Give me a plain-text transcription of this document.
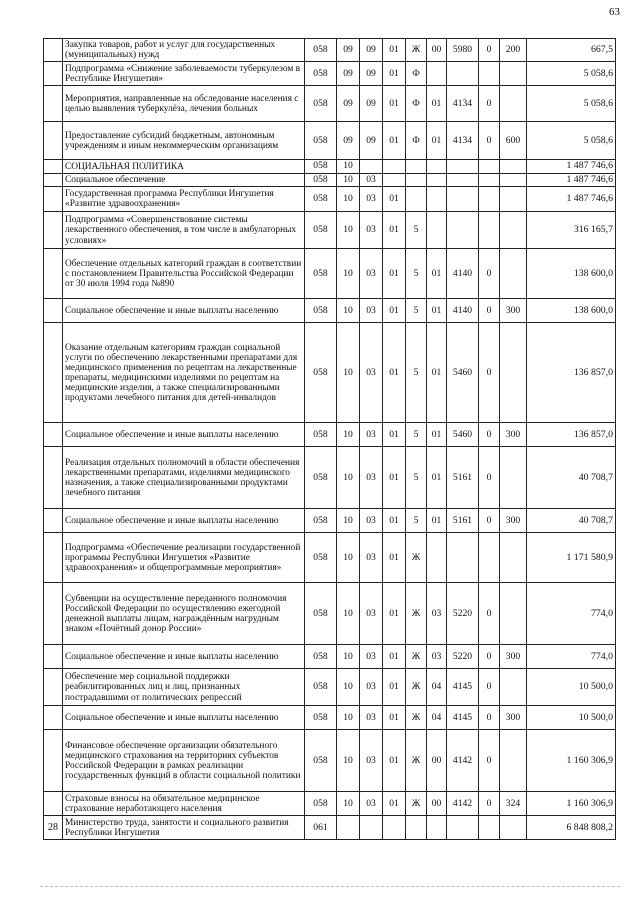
63
	Закупка товаров, работ и услуг для государственных (муниципальных) нужд	058	09	09	01	Ж	00	5980	0	200	667,5
	Подпрограмма «Снижение заболеваемости туберкулезом в Республике Ингушетия»	058	09	09	01	Ф					5 058,6
	Мероприятия, направленные на обследование населения с целью выявления туберкулёза, лечения больных	058	09	09	01	Ф	01	4134	0		5 058,6
	Предоставление субсидий бюджетным, автономным учреждениям и иным некоммерческим организациям	058	09	09	01	Ф	01	4134	0	600	5 058,6
	СОЦИАЛЬНАЯ ПОЛИТИКА	058	10								1 487 746,6
	Социальное обеспечение	058	10	03							1 487 746,6
	Государственная программа Республики Ингушетия «Развитие здравоохранения»	058	10	03	01						1 487 746,6
	Подпрограмма «Совершенствование системы лекарственного обеспечения, в том числе в амбулаторных условиях»	058	10	03	01	5					316 165,7
	Обеспечение отдельных категорий граждан в соответствии с постановлением Правительства Российской Федерации от 30 июля 1994 года №890	058	10	03	01	5	01	4140	0		138 600,0
	Социальное обеспечение и иные выплаты населению	058	10	03	01	5	01	4140	0	300	138 600,0
	Оказание отдельным категориям граждан социальной услуги по обеспечению лекарственными препаратами для медицинского применения по рецептам на лекарственные препараты, медицинскими изделиями по рецептам на медицинские изделия, а также специализированными продуктами лечебного питания для детей-инвалидов	058	10	03	01	5	01	5460	0		136 857,0
	Социальное обеспечение и иные выплаты населению	058	10	03	01	5	01	5460	0	300	136 857,0
	Реализация отдельных полномочий в области обеспечения лекарственными препаратами, изделиями медицинского назначения, а также специализированными продуктами лечебного питания	058	10	03	01	5	01	5161	0		40 708,7
	Социальное обеспечение и иные выплаты населению	058	10	03	01	5	01	5161	0	300	40 708,7
	Подпрограмма «Обеспечение реализации государственной программы Республики Ингушетия «Развитие здравоохранения» и общепрограммные мероприятия»	058	10	03	01	Ж					1 171 580,9
	Субвенции на осуществление переданного полномочия Российской Федерации по осуществлению ежегодной денежной выплаты лицам, награждённым нагрудным знаком «Почётный донор России»	058	10	03	01	Ж	03	5220	0		774,0
	Социальное обеспечение и иные выплаты населению	058	10	03	01	Ж	03	5220	0	300	774,0
	Обеспечение мер социальной поддержки реабилитированных лиц и лиц, признанных пострадавшими от политических репрессий	058	10	03	01	Ж	04	4145	0		10 500,0
	Социальное обеспечение и иные выплаты населению	058	10	03	01	Ж	04	4145	0	300	10 500,0
	Финансовое обеспечение организации обязательного медицинского страхования на территориях субъектов Российской Федерации в рамках реализации государственных функций в области социальной политики	058	10	03	01	Ж	00	4142	0		1 160 306,9
	Страховые взносы на обязательное медицинское страхование неработающего населения	058	10	03	01	Ж	00	4142	0	324	1 160 306,9
28	Министерство труда, занятости и социального развития Республики Ингушетия	061									6 848 808,2
